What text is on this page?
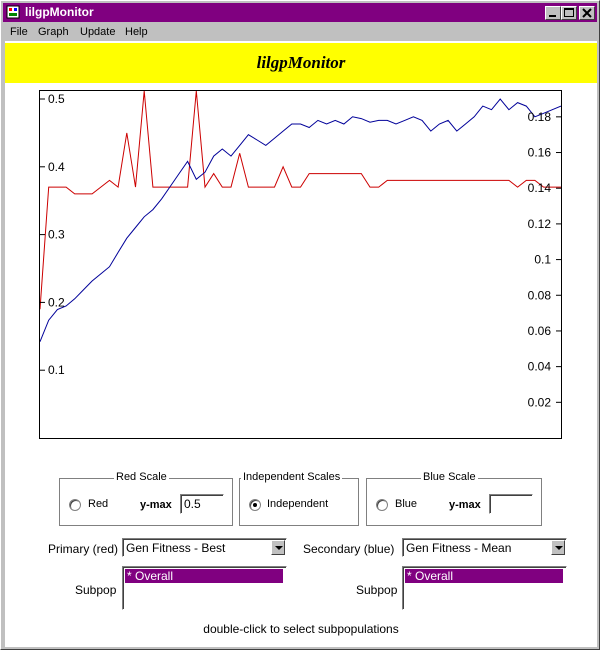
lilgpMonitor
File Graph Update Help
lilgpMonitor
0.1
0.2
0.3
0.4
0.5
0.02
0.04
0.06
0.08
0.1
0.12
0.14
0.16
0.18
Red Scale
Red	y-max	0.5
Independent Scales
Independent
Blue Scale
Blue	y-max
Primary (red) Gen Fitness - Best	Secondary (blue) Gen Fitness - Mean
Subpop
* Overall
Subpop
* Overall
double-click to select subpopulations
